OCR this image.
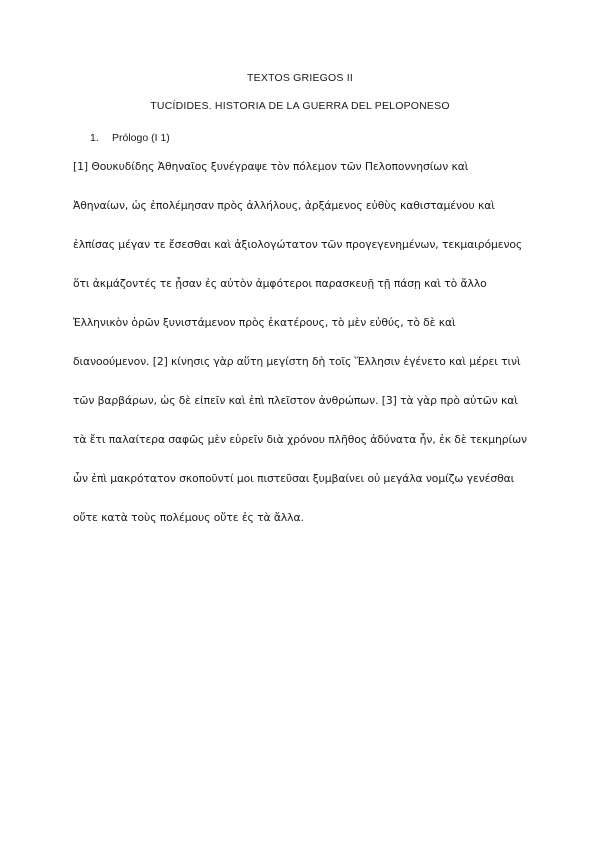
TEXTOS GRIEGOS II
TUCÍDIDES. HISTORIA DE LA GUERRA DEL PELOPONESO
1. Prólogo (I 1)
[1] Θουκυδίδης Ἀθηναῖος ξυνέγραψε τὸν πόλεμον τῶν Πελοποννησίων καὶ
Ἀθηναίων, ὡς ἐπολέμησαν πρὸς ἀλλήλους, ἀρξάμενος εὐθὺς καθισταμένου καὶ
ἐλπίσας μέγαν τε ἔσεσθαι καὶ ἀξιολογώτατον τῶν προγεγενημένων, τεκμαιρόμενος
ὅτι ἀκμάζοντές τε ᾖσαν ἐς αὐτὸν ἀμφότεροι παρασκευῇ τῇ πάσῃ καὶ τὸ ἄλλο
Ἑλληνικὸν ὁρῶν ξυνιστάμενον πρὸς ἑκατέρους, τὸ μὲν εὐθύς, τὸ δὲ καὶ
διανοούμενον. [2] κίνησις γὰρ αὕτη μεγίστη δὴ τοῖς Ἕλλησιν ἐγένετο καὶ μέρει τινὶ
τῶν βαρβάρων, ὡς δὲ εἰπεῖν καὶ ἐπὶ πλεῖστον ἀνθρώπων. [3] τὰ γὰρ πρὸ αὐτῶν καὶ
τὰ ἔτι παλαίτερα σαφῶς μὲν εὑρεῖν διὰ χρόνου πλῆθος ἀδύνατα ἦν, ἐκ δὲ τεκμηρίων
ὧν ἐπὶ μακρότατον σκοποῦντί μοι πιστεῦσαι ξυμβαίνει οὐ μεγάλα νομίζω γενέσθαι
οὔτε κατὰ τοὺς πολέμους οὔτε ἐς τὰ ἄλλα.
